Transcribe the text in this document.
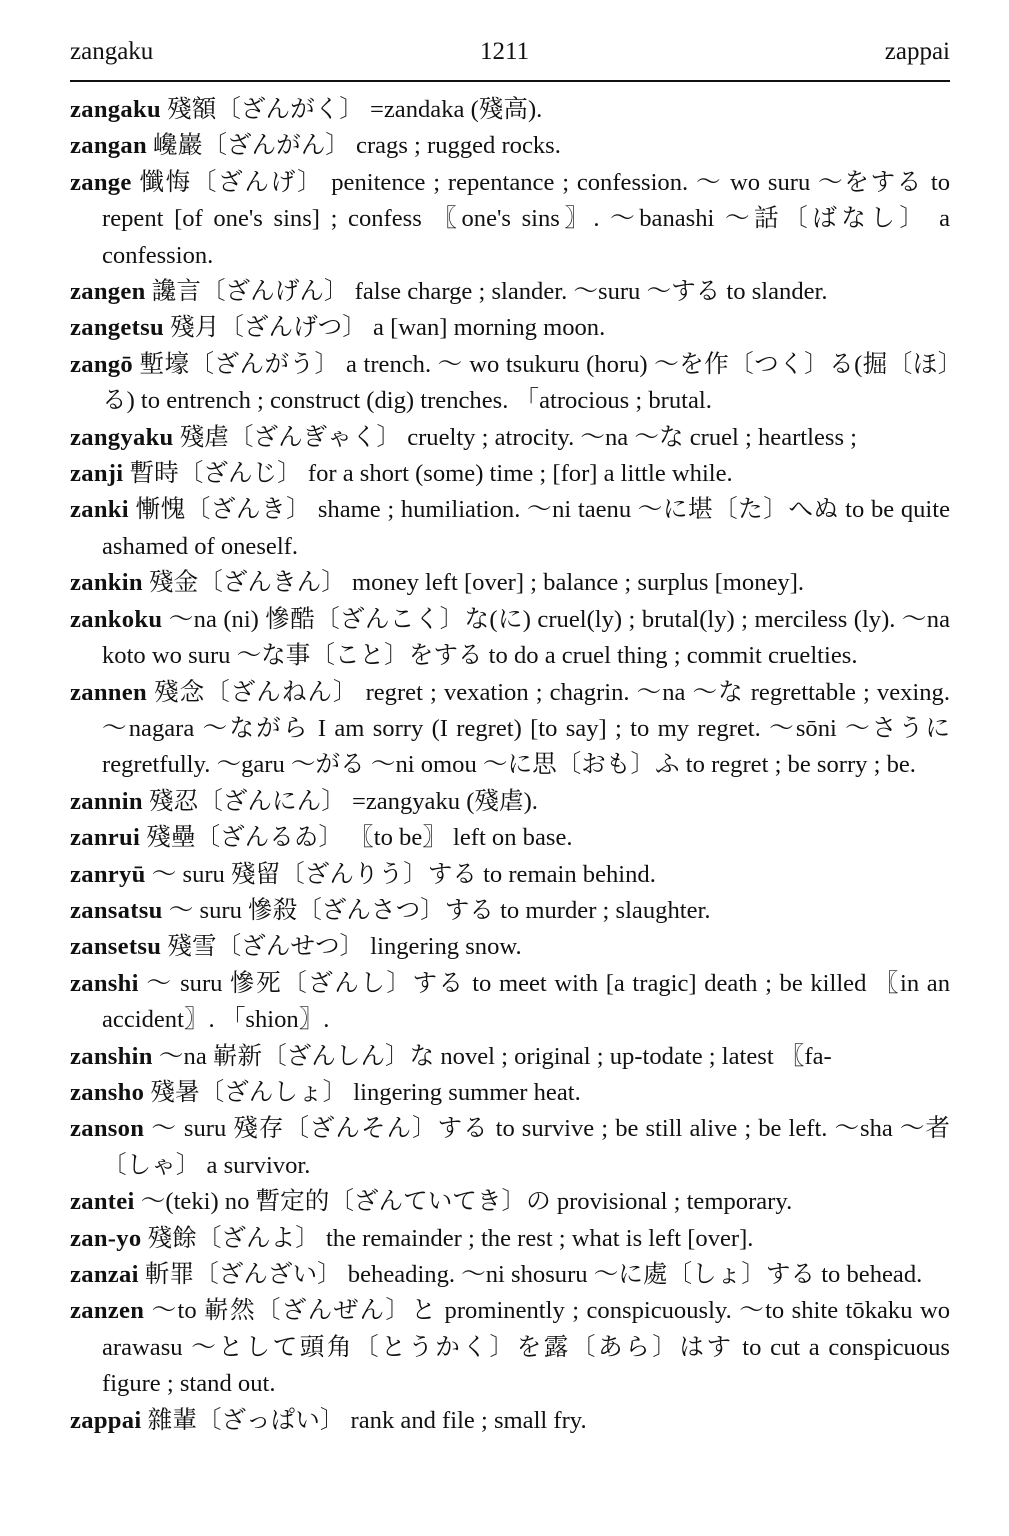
zangaku	1211	zappai

zangaku 殘額〔ざんがく〕 =zandaka (殘高).

zangan 巉巖〔ざんがん〕 crags ; rugged rocks.

zange 懺悔〔ざんげ〕 penitence ; repentance ; confession. ～ wo suru ～をする to repent [of one's sins] ; confess 〖one's sins〗. ～banashi ～話〔ばなし〕 a confession.

zangen 讒言〔ざんげん〕 false charge ; slander. ～suru ～する to slander.

zangetsu 殘月〔ざんげつ〕 a [wan] morning moon.

zangō 塹壕〔ざんがう〕 a trench. ～ wo tsukuru (horu) ～を作〔つく〕る(掘〔ほ〕る) to entrench ; construct (dig) trenches. 「atrocious ; brutal.

zangyaku 殘虐〔ざんぎゃく〕 cruelty ; atrocity. ～na ～な cruel ; heartless ;

zanji 暫時〔ざんじ〕 for a short (some) time ; [for] a little while.

zanki 慚愧〔ざんき〕 shame ; humiliation. ～ni taenu ～に堪〔た〕へぬ to be quite ashamed of oneself.

zankin 殘金〔ざんきん〕 money left [over] ; balance ; surplus [money].

zankoku ～na (ni) 慘酷〔ざんこく〕な(に) cruel(ly) ; brutal(ly) ; merciless (ly). ～na koto wo suru ～な事〔こと〕をする to do a cruel thing ; commit cruelties.

zannen 殘念〔ざんねん〕 regret ; vexation ; chagrin. ～na ～な regrettable ; vexing. ～nagara ～ながら I am sorry (I regret) [to say] ; to my regret. ～sōni ～さうに regretfully. ～garu ～がる ～ni omou ～に思〔おも〕ふ to regret ; be sorry ; be.

zannin 殘忍〔ざんにん〕 =zangyaku (殘虐).

zanrui 殘壘〔ざんるゐ〕 〖to be〗 left on base.

zanryū ～ suru 殘留〔ざんりう〕する to remain behind.

zansatsu ～ suru 慘殺〔ざんさつ〕する to murder ; slaughter.

zansetsu 殘雪〔ざんせつ〕 lingering snow.

zanshi ～ suru 慘死〔ざんし〕する to meet with [a tragic] death ; be killed 〖in an accident〗. 「shion〗.

zanshin ～na 嶄新〔ざんしん〕な novel ; original ; up-todate ; latest 〖fa-

zansho 殘暑〔ざんしょ〕 lingering summer heat.

zanson ～ suru 殘存〔ざんそん〕する to survive ; be still alive ; be left. ～sha ～者〔しゃ〕 a survivor.

zantei ～(teki) no 暫定的〔ざんていてき〕の provisional ; temporary.

zan-yo 殘餘〔ざんよ〕 the remainder ; the rest ; what is left [over].

zanzai 斬罪〔ざんざい〕 beheading. ～ni shosuru ～に處〔しょ〕する to behead.

zanzen ～to 嶄然〔ざんぜん〕と prominently ; conspicuously. ～to shite tōkaku wo arawasu ～として頭角〔とうかく〕を露〔あら〕はす to cut a conspicuous figure ; stand out.

zappai 雜輩〔ざっぱい〕 rank and file ; small fry.
